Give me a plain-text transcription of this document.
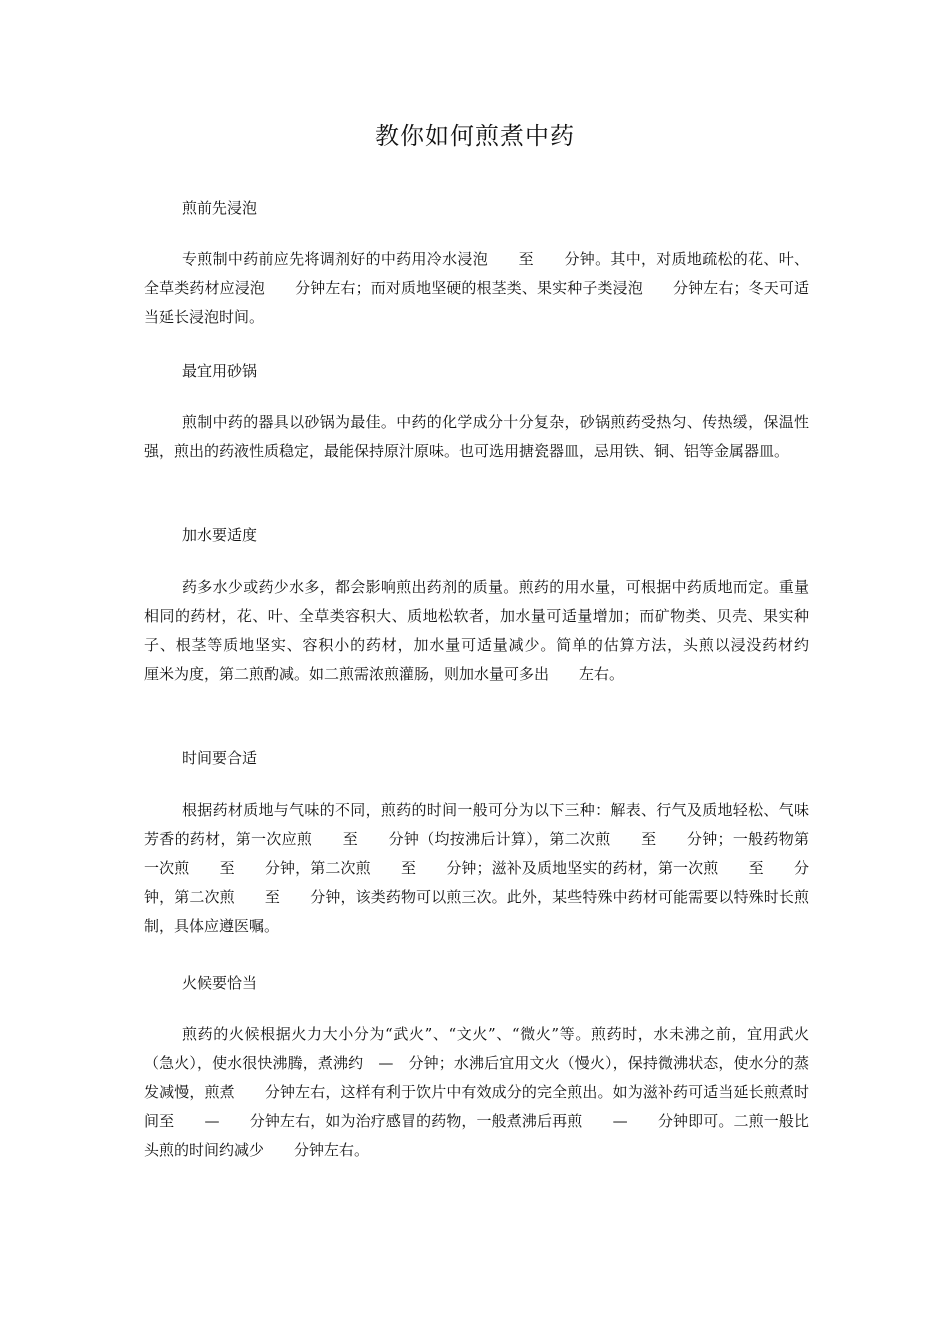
教你如何煎煮中药

煎前先浸泡

专煎制中药前应先将调剂好的中药用冷水浸泡　　至　　分钟。其中，对质地疏松的花、叶、全草类药材应浸泡　　分钟左右；而对质地坚硬的根茎类、果实种子类浸泡　　分钟左右；冬天可适当延长浸泡时间。

最宜用砂锅

煎制中药的器具以砂锅为最佳。中药的化学成分十分复杂，砂锅煎药受热匀、传热缓，保温性强，煎出的药液性质稳定，最能保持原汁原味。也可选用搪瓷器皿，忌用铁、铜、铝等金属器皿。

加水要适度

药多水少或药少水多，都会影响煎出药剂的质量。煎药的用水量，可根据中药质地而定。重量相同的药材，花、叶、全草类容积大、质地松软者，加水量可适量增加；而矿物类、贝壳、果实种子、根茎等质地坚实、容积小的药材，加水量可适量减少。简单的估算方法，头煎以浸没药材约　　厘米为度，第二煎酌减。如二煎需浓煎灌肠，则加水量可多出　　左右。

时间要合适

根据药材质地与气味的不同，煎药的时间一般可分为以下三种：解表、行气及质地轻松、气味芳香的药材，第一次应煎　　至　　分钟（均按沸后计算），第二次煎　　至　　分钟；一般药物第一次煎　　至　　分钟，第二次煎　　至　　分钟；滋补及质地坚实的药材，第一次煎　　至　　分钟，第二次煎　　至　　分钟，该类药物可以煎三次。此外，某些特殊中药材可能需要以特殊时长煎制，具体应遵医嘱。

火候要恰当

煎药的火候根据火力大小分为“武火”、“文火”、“微火”等。煎药时，水未沸之前，宜用武火（急火），使水很快沸腾，煮沸约　—　分钟；水沸后宜用文火（慢火），保持微沸状态，使水分的蒸发减慢，煎煮　　分钟左右，这样有利于饮片中有效成分的完全煎出。如为滋补药可适当延长煎煮时间至　　—　　分钟左右，如为治疗感冒的药物，一般煮沸后再煎　　—　　分钟即可。二煎一般比头煎的时间约减少　　分钟左右。
